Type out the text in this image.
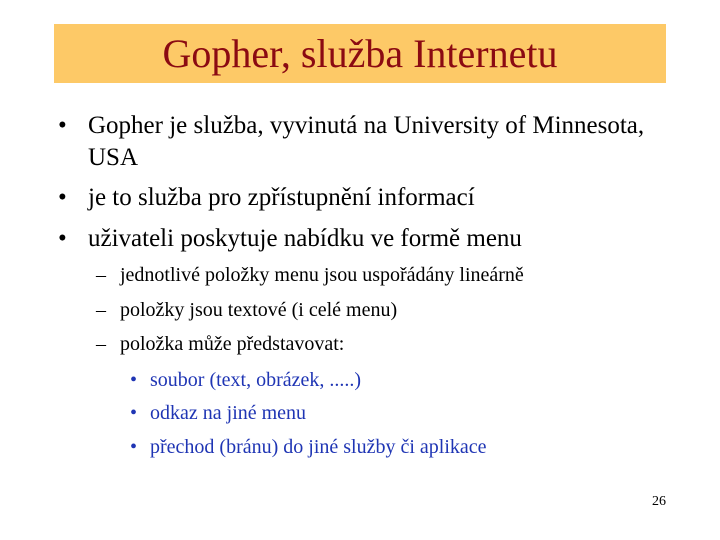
Gopher, služba Internetu
• Gopher je služba, vyvinutá na University of Minnesota, USA
• je to služba pro zpřístupnění informací
• uživateli poskytuje nabídku ve formě menu
– jednotlivé položky menu jsou uspořádány lineárně
– položky jsou textové (i celé menu)
– položka může představovat:
• soubor (text, obrázek, .....)
• odkaz na jiné menu
• přechod (bránu) do jiné služby či aplikace
26
